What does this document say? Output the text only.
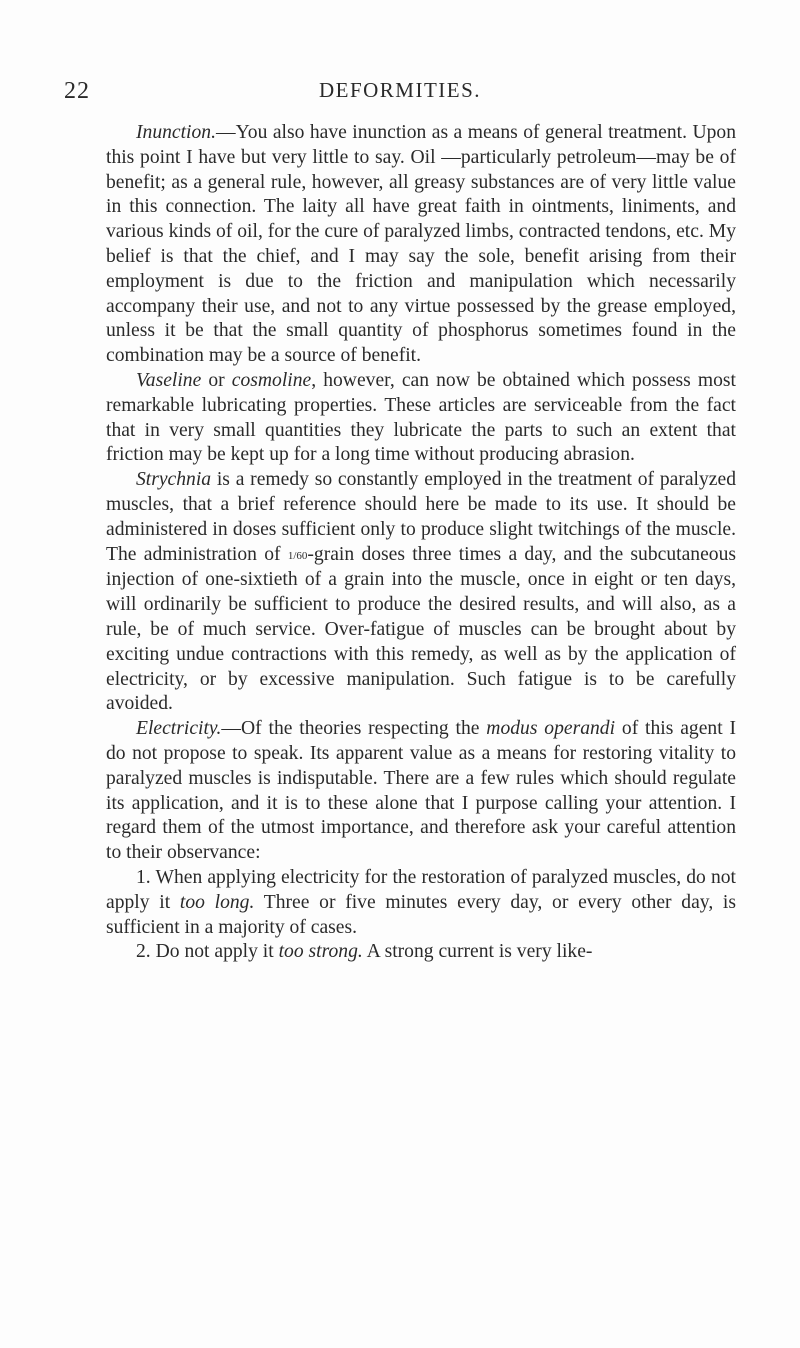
22	DEFORMITIES.

Inunction.—You also have inunction as a means of general treatment. Upon this point I have but very little to say. Oil —particularly petroleum—may be of benefit; as a general rule, however, all greasy substances are of very little value in this connection. The laity all have great faith in ointments, liniments, and various kinds of oil, for the cure of paralyzed limbs, contracted tendons, etc. My belief is that the chief, and I may say the sole, benefit arising from their employment is due to the friction and manipulation which necessarily accompany their use, and not to any virtue possessed by the grease employed, unless it be that the small quantity of phosphorus sometimes found in the combination may be a source of benefit.

Vaseline or cosmoline, however, can now be obtained which possess most remarkable lubricating properties. These articles are serviceable from the fact that in very small quantities they lubricate the parts to such an extent that friction may be kept up for a long time without producing abrasion.

Strychnia is a remedy so constantly employed in the treatment of paralyzed muscles, that a brief reference should here be made to its use. It should be administered in doses sufficient only to produce slight twitchings of the muscle. The administration of 1/60-grain doses three times a day, and the subcutaneous injection of one-sixtieth of a grain into the muscle, once in eight or ten days, will ordinarily be sufficient to produce the desired results, and will also, as a rule, be of much service. Over-fatigue of muscles can be brought about by exciting undue contractions with this remedy, as well as by the application of electricity, or by excessive manipulation. Such fatigue is to be carefully avoided.

Electricity.—Of the theories respecting the modus operandi of this agent I do not propose to speak. Its apparent value as a means for restoring vitality to paralyzed muscles is indisputable. There are a few rules which should regulate its application, and it is to these alone that I purpose calling your attention. I regard them of the utmost importance, and therefore ask your careful attention to their observance:

1. When applying electricity for the restoration of paralyzed muscles, do not apply it too long. Three or five minutes every day, or every other day, is sufficient in a majority of cases.

2. Do not apply it too strong. A strong current is very like-
